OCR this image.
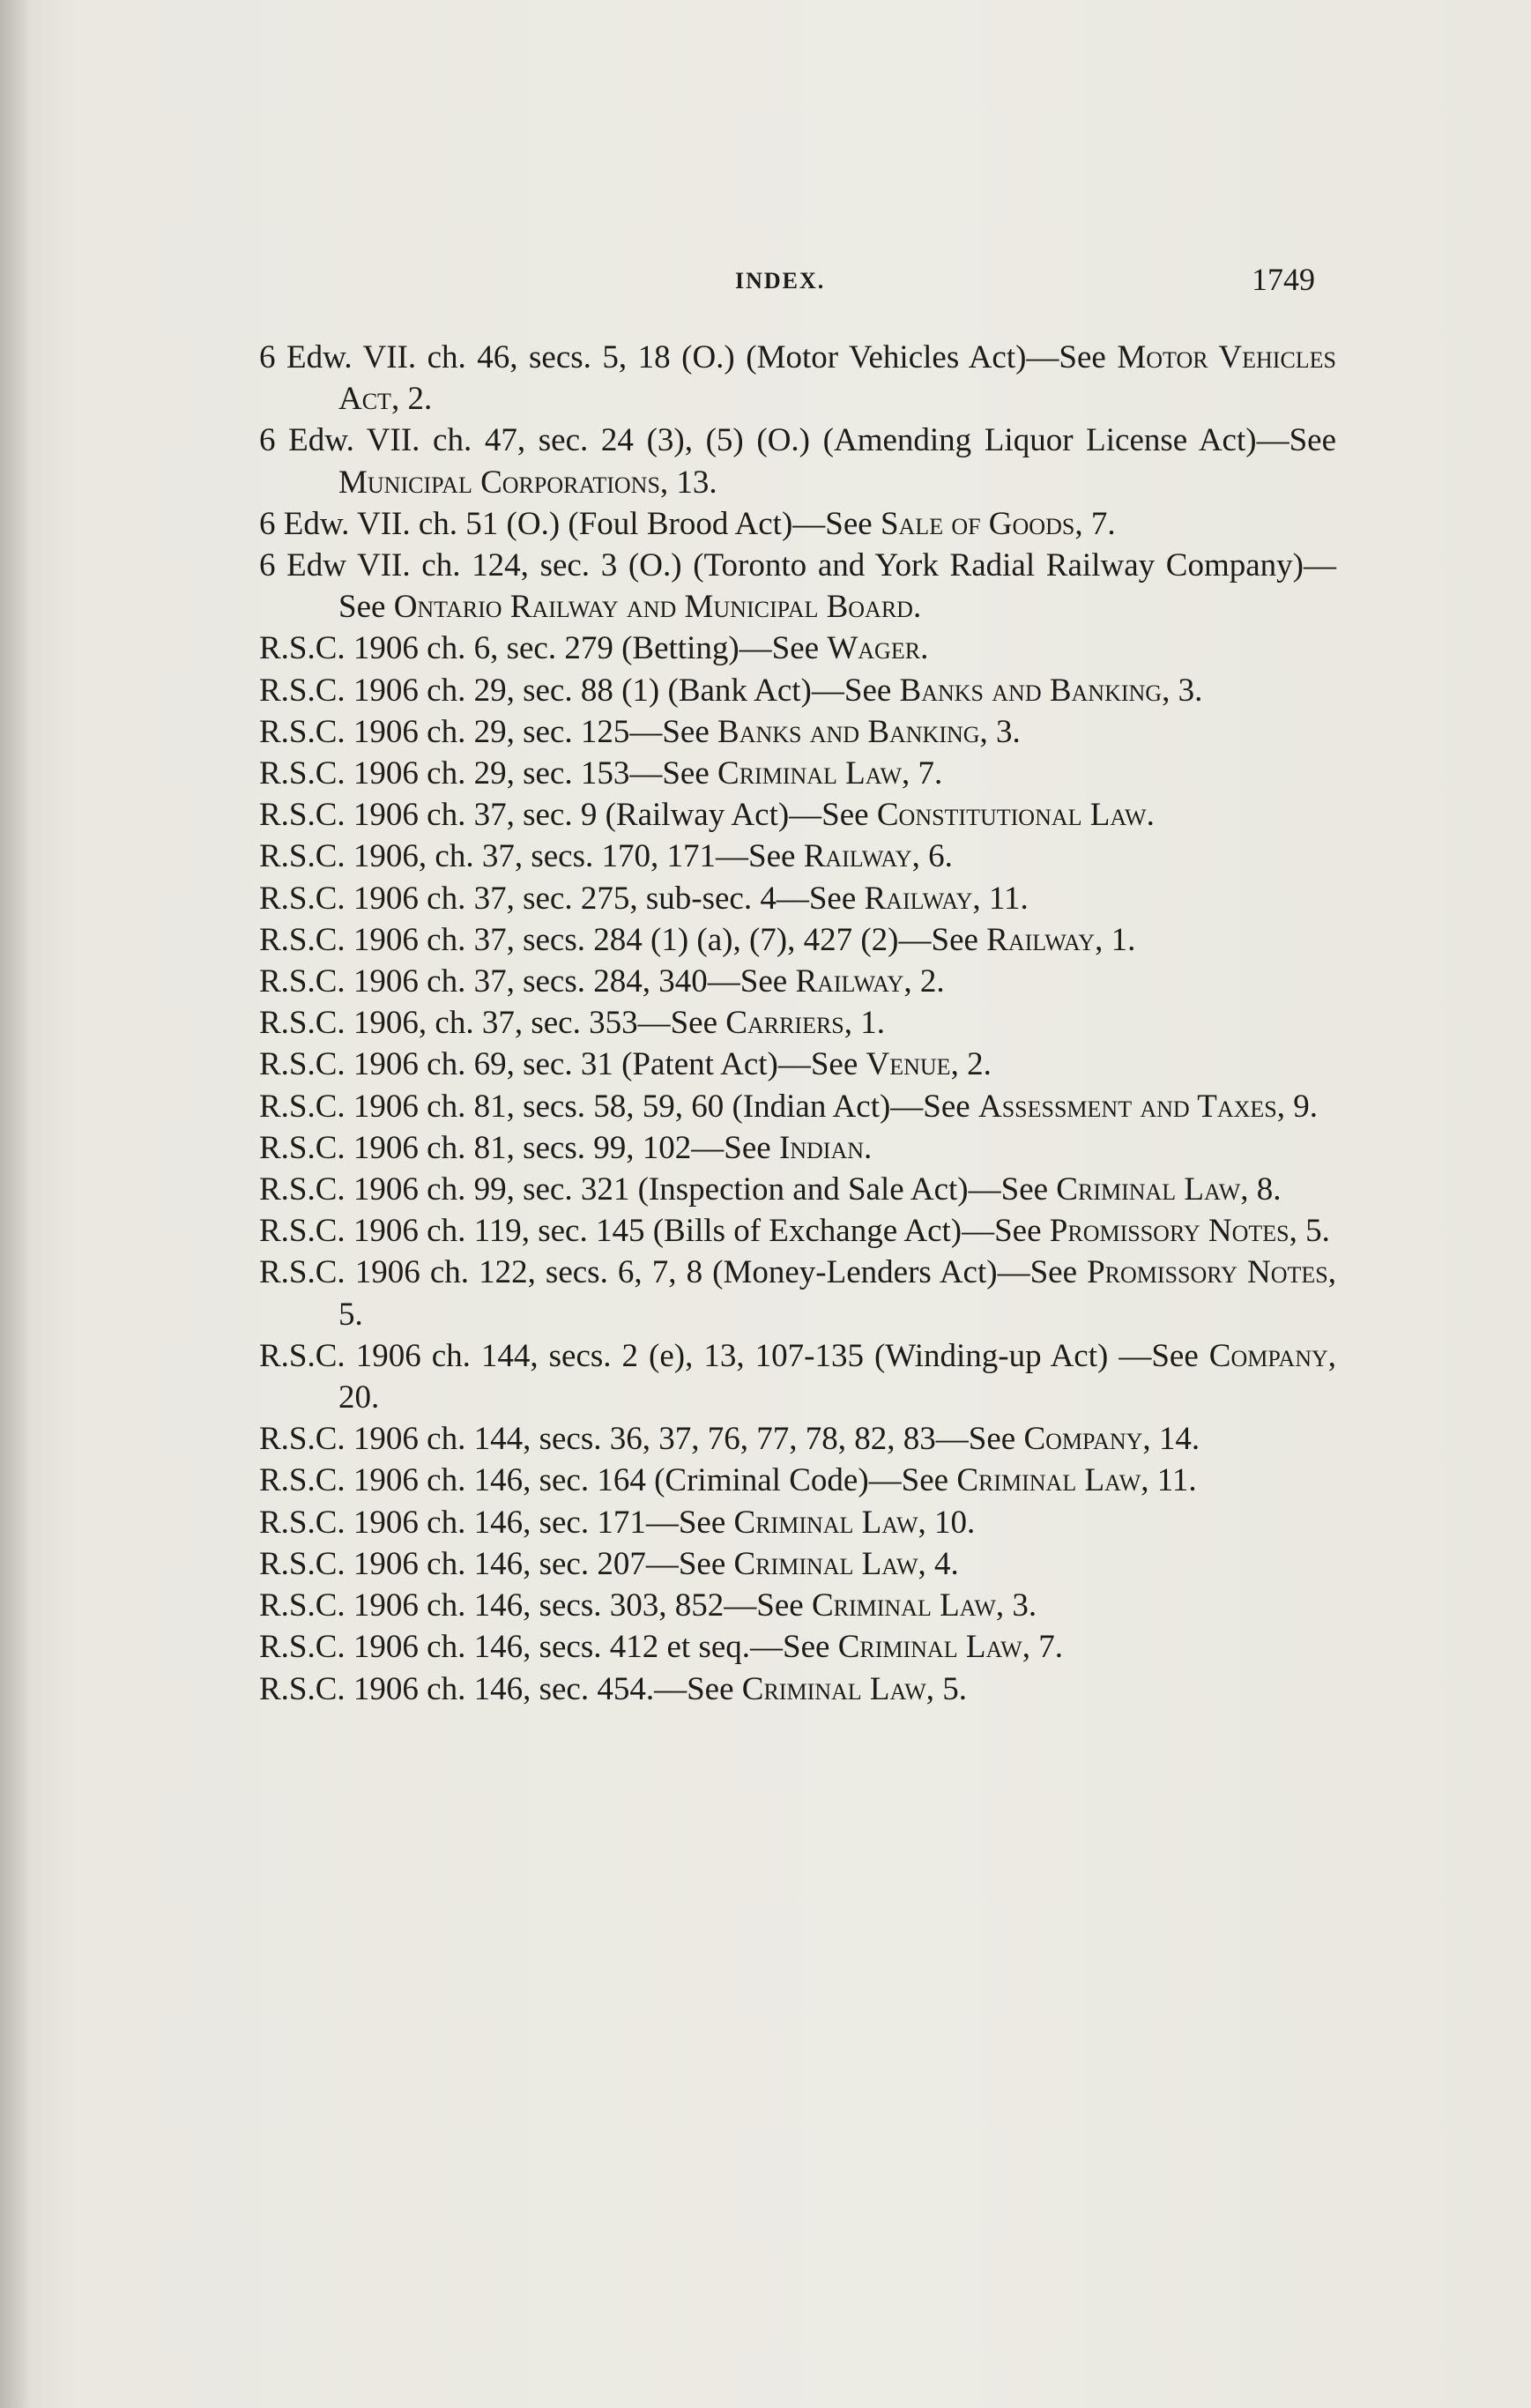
INDEX.	1749

6 Edw. VII. ch. 46, secs. 5, 18 (O.) (Motor Vehicles Act)—See Motor Vehicles Act, 2.

6 Edw. VII. ch. 47, sec. 24 (3), (5) (O.) (Amending Liquor License Act)—See Municipal Corporations, 13.

6 Edw. VII. ch. 51 (O.) (Foul Brood Act)—See Sale of Goods, 7.

6 Edw VII. ch. 124, sec. 3 (O.) (Toronto and York Radial Railway Company)—See Ontario Railway and Municipal Board.

R.S.C. 1906 ch. 6, sec. 279 (Betting)—See Wager.

R.S.C. 1906 ch. 29, sec. 88 (1) (Bank Act)—See Banks and Banking, 3.

R.S.C. 1906 ch. 29, sec. 125—See Banks and Banking, 3.

R.S.C. 1906 ch. 29, sec. 153—See Criminal Law, 7.

R.S.C. 1906 ch. 37, sec. 9 (Railway Act)—See Constitutional Law.

R.S.C. 1906, ch. 37, secs. 170, 171—See Railway, 6.

R.S.C. 1906 ch. 37, sec. 275, sub-sec. 4—See Railway, 11.

R.S.C. 1906 ch. 37, secs. 284 (1) (a), (7), 427 (2)—See Railway, 1.

R.S.C. 1906 ch. 37, secs. 284, 340—See Railway, 2.

R.S.C. 1906, ch. 37, sec. 353—See Carriers, 1.

R.S.C. 1906 ch. 69, sec. 31 (Patent Act)—See Venue, 2.

R.S.C. 1906 ch. 81, secs. 58, 59, 60 (Indian Act)—See Assessment and Taxes, 9.

R.S.C. 1906 ch. 81, secs. 99, 102—See Indian.

R.S.C. 1906 ch. 99, sec. 321 (Inspection and Sale Act)—See Criminal Law, 8.

R.S.C. 1906 ch. 119, sec. 145 (Bills of Exchange Act)—See Promissory Notes, 5.

R.S.C. 1906 ch. 122, secs. 6, 7, 8 (Money-Lenders Act)—See Promissory Notes, 5.

R.S.C. 1906 ch. 144, secs. 2 (e), 13, 107-135 (Winding-up Act) —See Company, 20.

R.S.C. 1906 ch. 144, secs. 36, 37, 76, 77, 78, 82, 83—See Company, 14.

R.S.C. 1906 ch. 146, sec. 164 (Criminal Code)—See Criminal Law, 11.

R.S.C. 1906 ch. 146, sec. 171—See Criminal Law, 10.

R.S.C. 1906 ch. 146, sec. 207—See Criminal Law, 4.

R.S.C. 1906 ch. 146, secs. 303, 852—See Criminal Law, 3.

R.S.C. 1906 ch. 146, secs. 412 et seq.—See Criminal Law, 7.

R.S.C. 1906 ch. 146, sec. 454.—See Criminal Law, 5.
